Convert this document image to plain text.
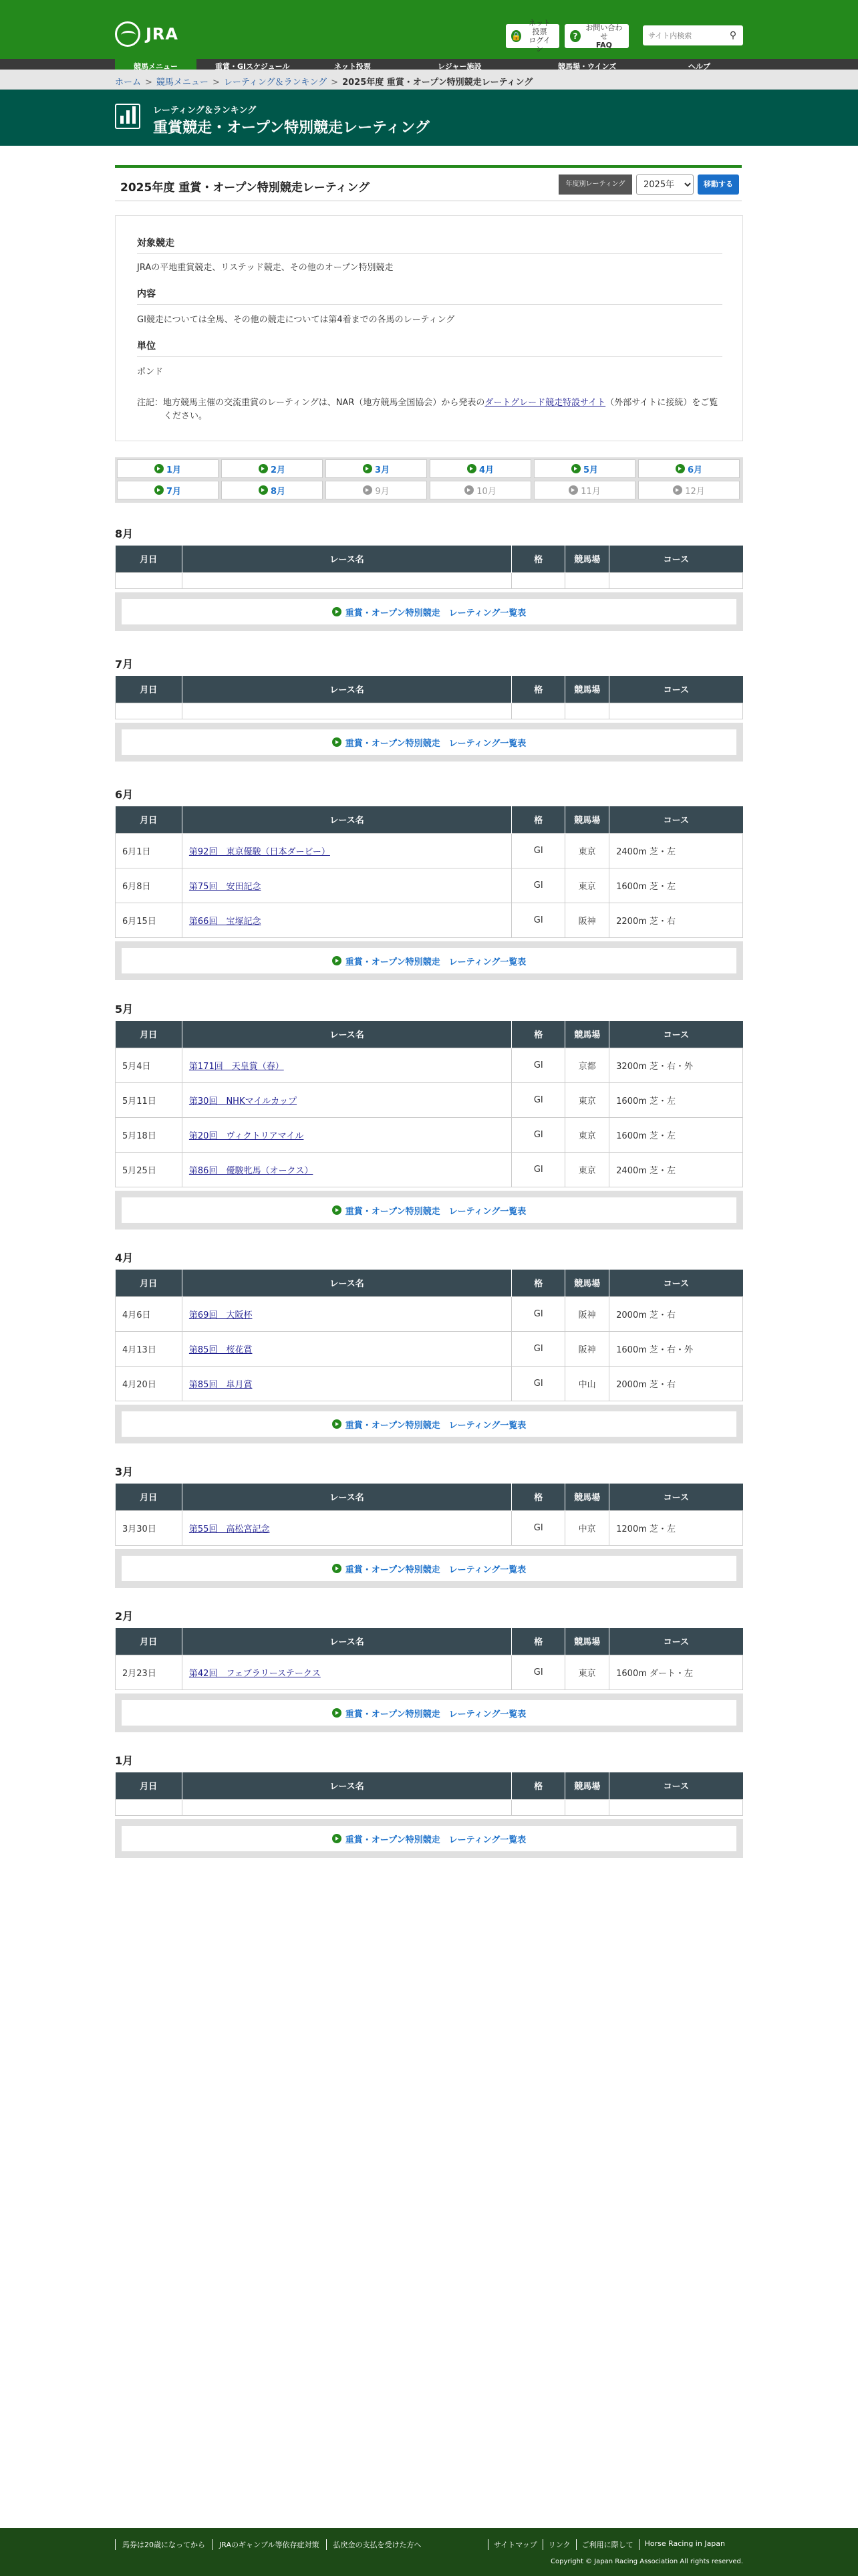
JRA	🔒
ネット投票
ログイン
?
お問い合わせ
FAQ
サイト内検索
⚲
競馬メニュー	重賞・GIスケジュール	ネット投票	レジャー施設	競馬場・ウインズ	ヘルプ
ホーム > 競馬メニュー > レーティング＆ランキング > 2025年度 重賞・オープン特別競走レーティング
レーティング＆ランキング
重賞競走・オープン特別競走レーティング
2025年度 重賞・オープン特別競走レーティング	年度別レーティング
2025年	移動する
対象競走
JRAの平地重賞競走、リステッド競走、その他のオープン特別競走
内容
GI競走については全馬、その他の競走については第4着までの各馬のレーティング
単位
ポンド
注記：地方競馬主催の交流重賞のレーティングは、NAR（地方競馬全国協会）から発表のダートグレード競走特設サイト（外部サイトに接続）をご覧ください。
1月	2月	3月	4月	5月	6月
7月	8月	9月	10月	11月	12月
8月
月日	レース名	格	競馬場	コース

重賞・オープン特別競走　レーティング一覧表
7月
月日	レース名	格	競馬場	コース

重賞・オープン特別競走　レーティング一覧表
6月
月日	レース名	格	競馬場	コース
6月1日	第92回　東京優駿（日本ダービー）	GI	東京	2400m 芝・左
6月8日	第75回　安田記念	GI	東京	1600m 芝・左
6月15日	第66回　宝塚記念	GI	阪神	2200m 芝・右
重賞・オープン特別競走　レーティング一覧表
5月
月日	レース名	格	競馬場	コース
5月4日	第171回　天皇賞（春）	GI	京都	3200m 芝・右・外
5月11日	第30回　NHKマイルカップ	GI	東京	1600m 芝・左
5月18日	第20回　ヴィクトリアマイル	GI	東京	1600m 芝・左
5月25日	第86回　優駿牝馬（オークス）	GI	東京	2400m 芝・左
重賞・オープン特別競走　レーティング一覧表
4月
月日	レース名	格	競馬場	コース
4月6日	第69回　大阪杯	GI	阪神	2000m 芝・右
4月13日	第85回　桜花賞	GI	阪神	1600m 芝・右・外
4月20日	第85回　皐月賞	GI	中山	2000m 芝・右
重賞・オープン特別競走　レーティング一覧表
3月
月日	レース名	格	競馬場	コース
3月30日	第55回　高松宮記念	GI	中京	1200m 芝・左
重賞・オープン特別競走　レーティング一覧表
2月
月日	レース名	格	競馬場	コース
2月23日	第42回　フェブラリーステークス	GI	東京	1600m ダート・左
重賞・オープン特別競走　レーティング一覧表
1月
月日	レース名	格	競馬場	コース

重賞・オープン特別競走　レーティング一覧表
馬券は20歳になってから	JRAのギャンブル等依存症対策	払戻金の支払を受けた方へ	サイトマップ	リンク	ご利用に際して	Horse Racing in Japan
Copyright © Japan Racing Association All rights reserved.
